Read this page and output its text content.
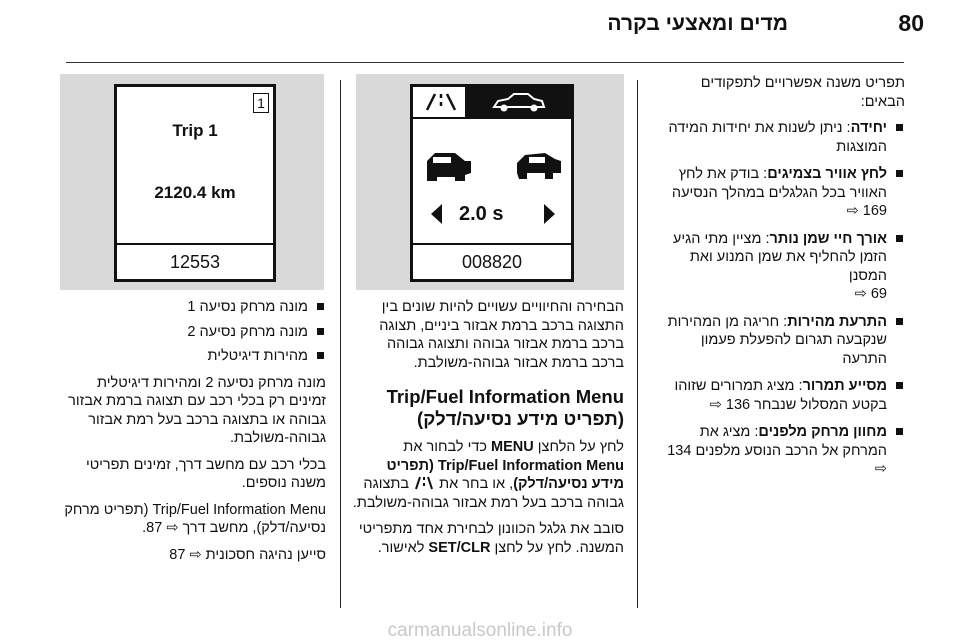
מדים ומאצעי בקרה	80

תפריט משנה אפשרויים לתפקודים הבאים:

יחידה: ניתן לשנות את יחידות המידה המוצגות
לחץ אוויר בצמיגים: בודק את לחץ האוויר בכל הגלגלים במהלך הנסיעה
169 ⇨
אורך חיי שמן נותר: מציין מתי הגיע הזמן להחליף את שמן המנוע ואת המסנן
69 ⇨
התרעת מהירות: חריגה מן המהירות שנקבעה תגרום להפעלת פעמון התרעה
מסייע תמרור: מציג תמרורים שזוהו בקטע המסלול שנבחר 136 ⇨
מחוון מרחק מלפנים: מציג את המרחק אל הרכב הנוסע מלפנים 134 ⇨
2.0 s
008820

הבחירה והחיוויים עשויים להיות שונים בין התצוגה ברכב ברמת אבזור ביניים, תצוגה ברכב ברמת אבזור גבוהה ותצוגה גבוהה ברכב ברמת אבזור גבוהה-משולבת.

Trip/Fuel Information Menu
(תפריט מידע נסיעה/דלק)

לחץ על הלחצן MENU כדי לבחור את Trip/Fuel Information Menu (תפריט מידע נסיעה/דלק), או בחר את  בתצוגה גבוהה ברכב בעל רמת אבזור גבוהה-משולבת.

סובב את גלגל הכוונון לבחירת אחד מתפריטי המשנה. לחץ על לחצן SET/CLR לאישור.

1
Trip 1
2120.4 km
12553
מונה מרחק נסיעה 1
מונה מרחק נסיעה 2
מהירות דיגיטלית

מונה מרחק נסיעה 2 ומהירות דיגיטלית זמינים רק בכלי רכב עם תצוגה ברמת אבזור גבוהה או בתצוגה ברכב בעל רמת אבזור גבוהה-משולבת.

בכלי רכב עם מחשב דרך, זמינים תפריטי משנה נוספים.

Trip/Fuel Information Menu (תפריט מרחק נסיעה/דלק), מחשב דרך ⇨ 87.

סייען נהיגה חסכונית ⇨ 87

carmanualsonline.info
